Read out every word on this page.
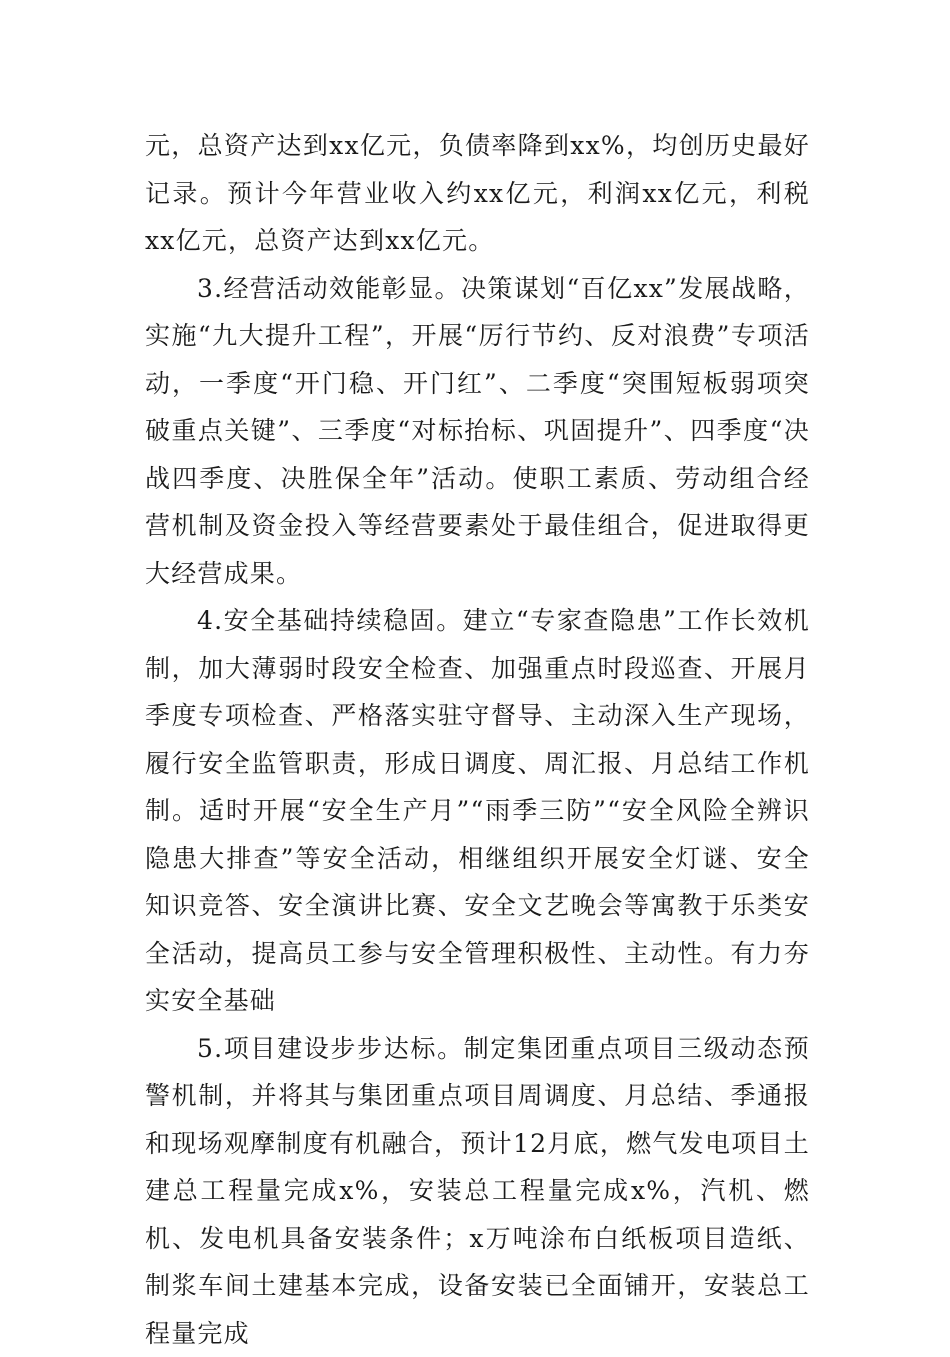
元，总资产达到xx亿元，负债率降到xx%，均创历史最好记录。预计今年营业收入约xx亿元，利润xx亿元，利税xx亿元，总资产达到xx亿元。

3.经营活动效能彰显。决策谋划“百亿xx”发展战略，实施“九大提升工程”，开展“厉行节约、反对浪费”专项活动，一季度“开门稳、开门红”、二季度“突围短板弱项突破重点关键”、三季度“对标抬标、巩固提升”、四季度“决战四季度、决胜保全年”活动。使职工素质、劳动组合经营机制及资金投入等经营要素处于最佳组合，促进取得更大经营成果。

4.安全基础持续稳固。建立“专家查隐患”工作长效机制，加大薄弱时段安全检查、加强重点时段巡查、开展月季度专项检查、严格落实驻守督导、主动深入生产现场，履行安全监管职责，形成日调度、周汇报、月总结工作机制。适时开展“安全生产月”“雨季三防”“安全风险全辨识隐患大排查”等安全活动，相继组织开展安全灯谜、安全知识竞答、安全演讲比赛、安全文艺晚会等寓教于乐类安全活动，提高员工参与安全管理积极性、主动性。有力夯实安全基础

5.项目建设步步达标。制定集团重点项目三级动态预警机制，并将其与集团重点项目周调度、月总结、季通报和现场观摩制度有机融合，预计12月底，燃气发电项目土建总工程量完成x%，安装总工程量完成x%，汽机、燃机、发电机具备安装条件；x万吨涂布白纸板项目造纸、制浆车间土建基本完成，设备安装已全面铺开，安装总工程量完成
